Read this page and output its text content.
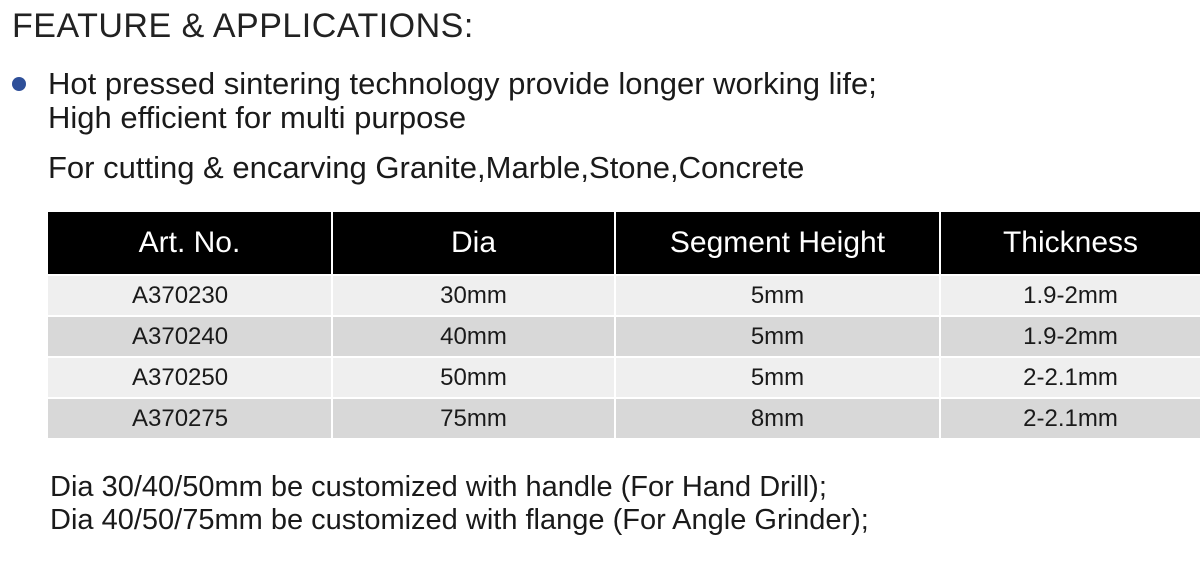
FEATURE & APPLICATIONS:
Hot pressed sintering technology provide longer working life;
High efficient for multi purpose
For cutting & encarving Granite,Marble,Stone,Concrete
Art. No.	Dia	Segment Height	Thickness
A370230	30mm	5mm	1.9-2mm
A370240	40mm	5mm	1.9-2mm
A370250	50mm	5mm	2-2.1mm
A370275	75mm	8mm	2-2.1mm
Dia 30/40/50mm be customized with handle (For Hand Drill);
Dia 40/50/75mm be customized with flange (For Angle Grinder);
